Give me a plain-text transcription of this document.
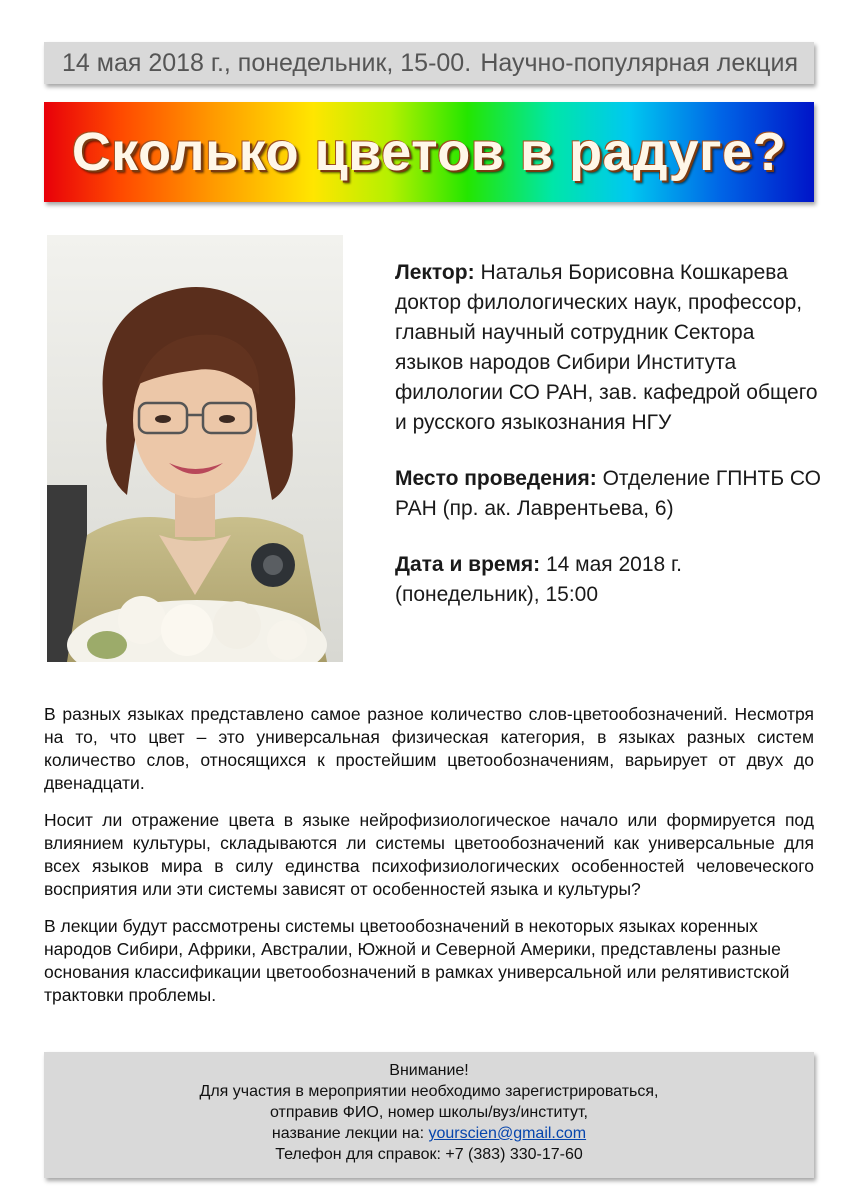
14 мая 2018 г., понедельник, 15-00. Научно-популярная лекция
Сколько цветов в радуге?

Лектор: Наталья Борисовна Кошкарева доктор филологических наук, профессор, главный научный сотрудник Сектора языков народов Сибири Института филологии СО РАН, зав. кафедрой общего и русского языкознания НГУ

Место проведения: Отделение ГПНТБ СО РАН (пр. ак. Лаврентьева, 6)

Дата и время: 14 мая 2018 г. (понедельник), 15:00

В разных языках представлено самое разное количество слов-цветообозначений. Несмотря на то, что цвет – это универсальная физическая категория, в языках разных систем количество слов, относящихся к простейшим цветообозначениям, варьирует от двух до двенадцати.

Носит ли отражение цвета в языке нейрофизиологическое начало или формируется под влиянием культуры, складываются ли системы цветообозначений как универсальные для всех языков мира в силу единства психофизиологических особенностей человеческого восприятия или эти системы зависят от особенностей языка и культуры?

В лекции будут рассмотрены системы цветообозначений в некоторых языках коренных народов Сибири, Африки, Австралии, Южной и Северной Америки, представлены разные основания классификации цветообозначений в рамках универсальной или релятивистской трактовки проблемы.

Внимание!
Для участия в мероприятии необходимо зарегистрироваться,
отправив ФИО, номер школы/вуз/институт,
название лекции на: yourscien@gmail.com
Телефон для справок: +7 (383) 330-17-60
